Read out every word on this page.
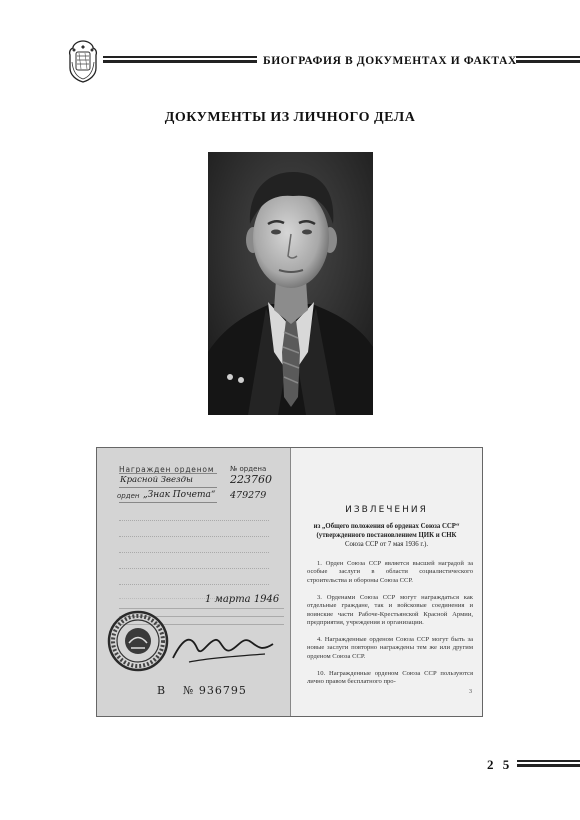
БИОГРАФИЯ В ДОКУМЕНТАХ И ФАКТАХ
ДОКУМЕНТЫ ИЗ ЛИЧНОГО ДЕЛА
Награжден орденом № ордена
Красной Звезды	223760
орден „Знак Почета“ 479279
1 марта 1946
В № 936795
ИЗВЛЕЧЕНИЯ
из „Общего положения об орденах Союза ССР“
(утвержденного постановлением ЦИК и СНК
Союза ССР от 7 мая 1936 г.).
1. Орден Союза ССР является высшей наградой за особые заслуги в области социалистического строительства и обороны Союза ССР.
3. Орденами Союза ССР могут награждаться как отдельные граждане, так и войсковые соединения и воинские части Рабоче-Крестьянской Красной Армии, предприятия, учреждения и организации.
4. Награжденные орденом Союза ССР могут быть за новые заслуги повторно награждены тем же или другим орденом Союза ССР.
10. Награжденные орденом Союза ССР пользуются лично правом бесплатного про-
3
2 5
